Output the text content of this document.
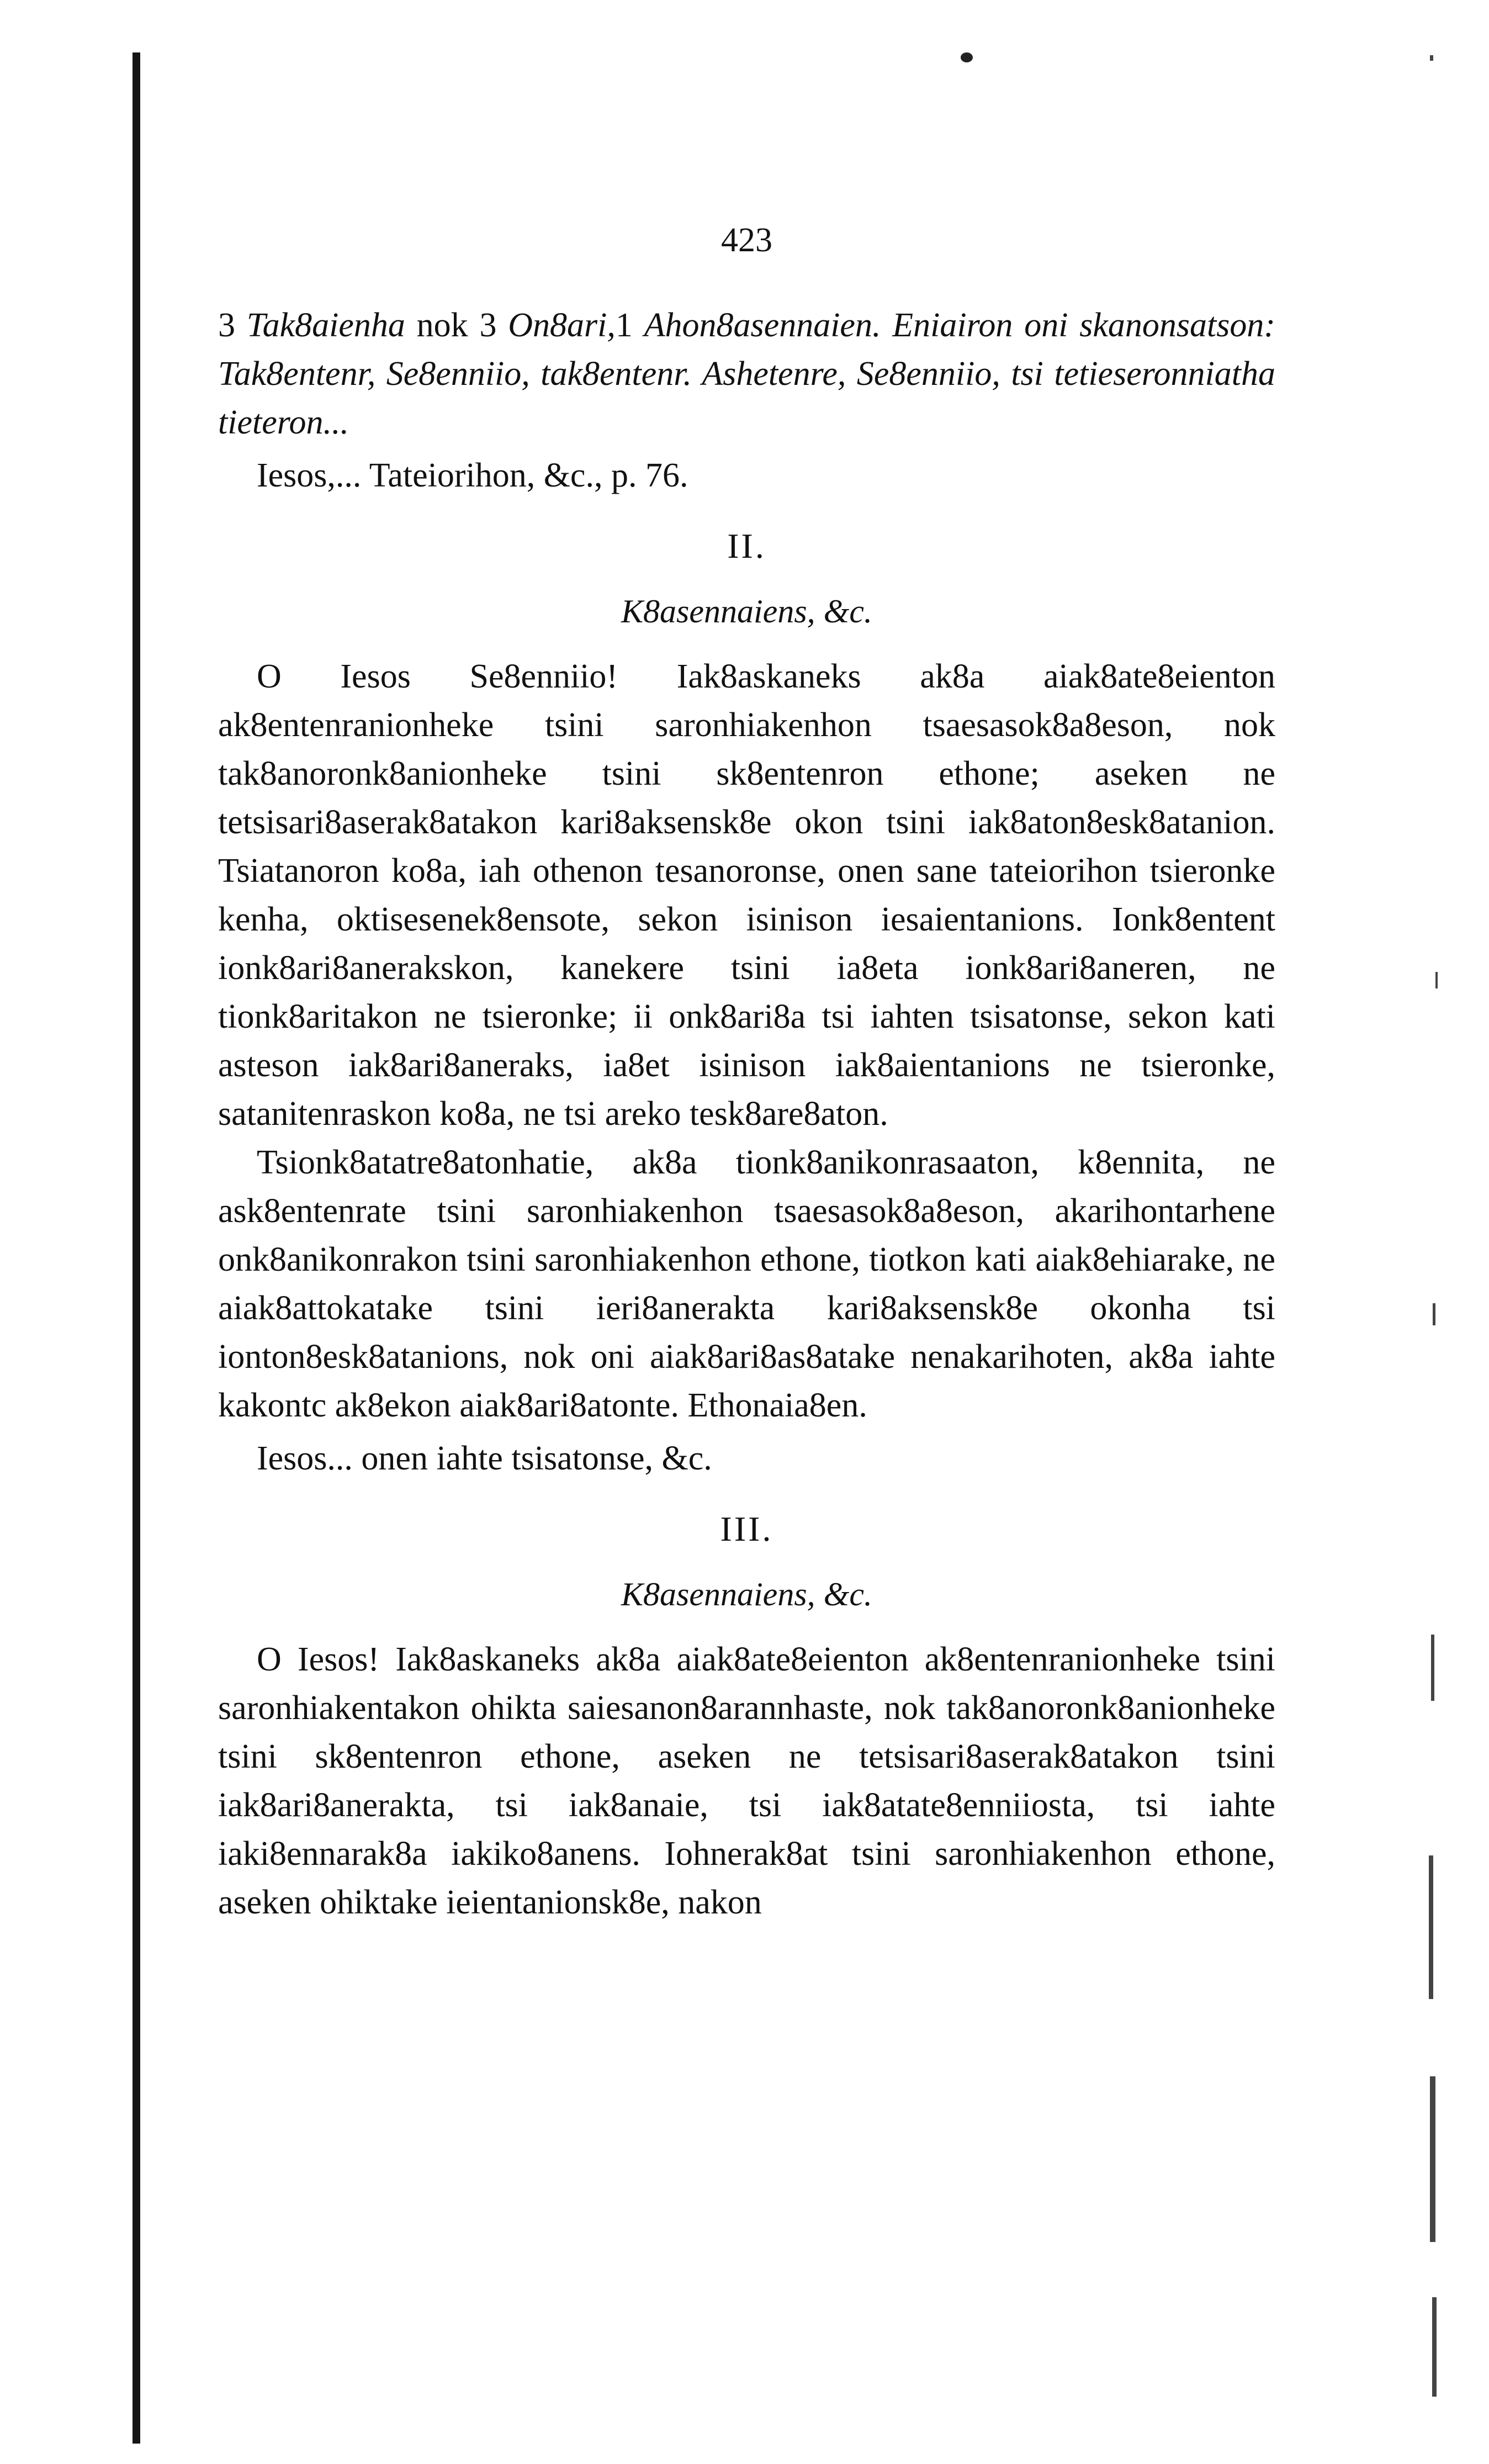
423

3 Tak8aienha nok 3 On8ari,1 Ahon8asennaien. Eniairon oni skanonsatson: Tak8entenr, Se8enniio, tak8entenr. Ashetenre, Se8enniio, tsi tetieseronniatha tieteron...

Iesos,... Tateiorihon, &c., p. 76.
II.
K8asennaiens, &c.

O Iesos Se8enniio! Iak8askaneks ak8a aiak8ate8eienton ak8entenranionheke tsini saronhiakenhon tsaesasok8a8eson, nok tak8anoronk8anionheke tsini sk8entenron ethone; aseken ne tetsisari8aserak8atakon kari8aksensk8e okon tsini iak8aton8esk8atanion. Tsiatanoron ko8a, iah othenon tesanoronse, onen sane tateiorihon tsieronke kenha, oktisesenek8ensote, sekon isinison iesaientanions. Ionk8entent ionk8ari8anerakskon, kanekere tsini ia8eta ionk8ari8aneren, ne tionk8aritakon ne tsieronke; ii onk8ari8a tsi iahten tsisatonse, sekon kati asteson iak8ari8aneraks, ia8et isinison iak8aientanions ne tsieronke, satanitenraskon ko8a, ne tsi areko tesk8are8aton.

Tsionk8atatre8atonhatie, ak8a tionk8anikonrasaaton, k8ennita, ne ask8entenrate tsini saronhiakenhon tsaesasok8a8eson, akarihontarhene onk8anikonrakon tsini saronhiakenhon ethone, tiotkon kati aiak8ehiarake, ne aiak8attokatake tsini ieri8anerakta kari8aksensk8e okonha tsi ionton8esk8atanions, nok oni aiak8ari8as8atake nenakarihoten, ak8a iahte kakontc ak8ekon aiak8ari8atonte. Ethonaia8en.

Iesos... onen iahte tsisatonse, &c.
III.
K8asennaiens, &c.

O Iesos! Iak8askaneks ak8a aiak8ate8eienton ak8entenranionheke tsini saronhiakentakon ohikta saiesanon8arannhaste, nok tak8anoronk8anionheke tsini sk8entenron ethone, aseken ne tetsisari8aserak8atakon tsini iak8ari8anerakta, tsi iak8anaie, tsi iak8atate8enniiosta, tsi iahte iaki8ennarak8a iakiko8anens. Iohnerak8at tsini saronhiakenhon ethone, aseken ohiktake ieientanionsk8e, nakon
